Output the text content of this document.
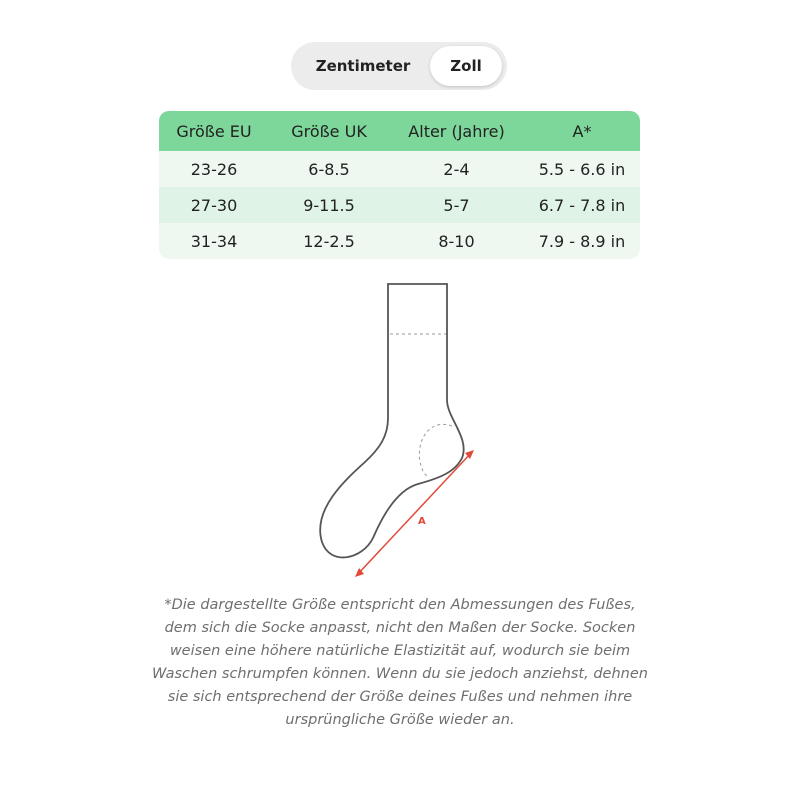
Zentimeter	Zoll
Größe EU	Größe UK	Alter (Jahre)	A*
23-26	6-8.5	2-4	5.5 - 6.6 in
27-30	9-11.5	5-7	6.7 - 7.8 in
31-34	12-2.5	8-10	7.9 - 8.9 in
A
*Die dargestellte Größe entspricht den Abmessungen des Fußes, dem sich die Socke anpasst, nicht den Maßen der Socke. Socken weisen eine höhere natürliche Elastizität auf, wodurch sie beim Waschen schrumpfen können. Wenn du sie jedoch anziehst, dehnen sie sich entsprechend der Größe deines Fußes und nehmen ihre ursprüngliche Größe wieder an.
